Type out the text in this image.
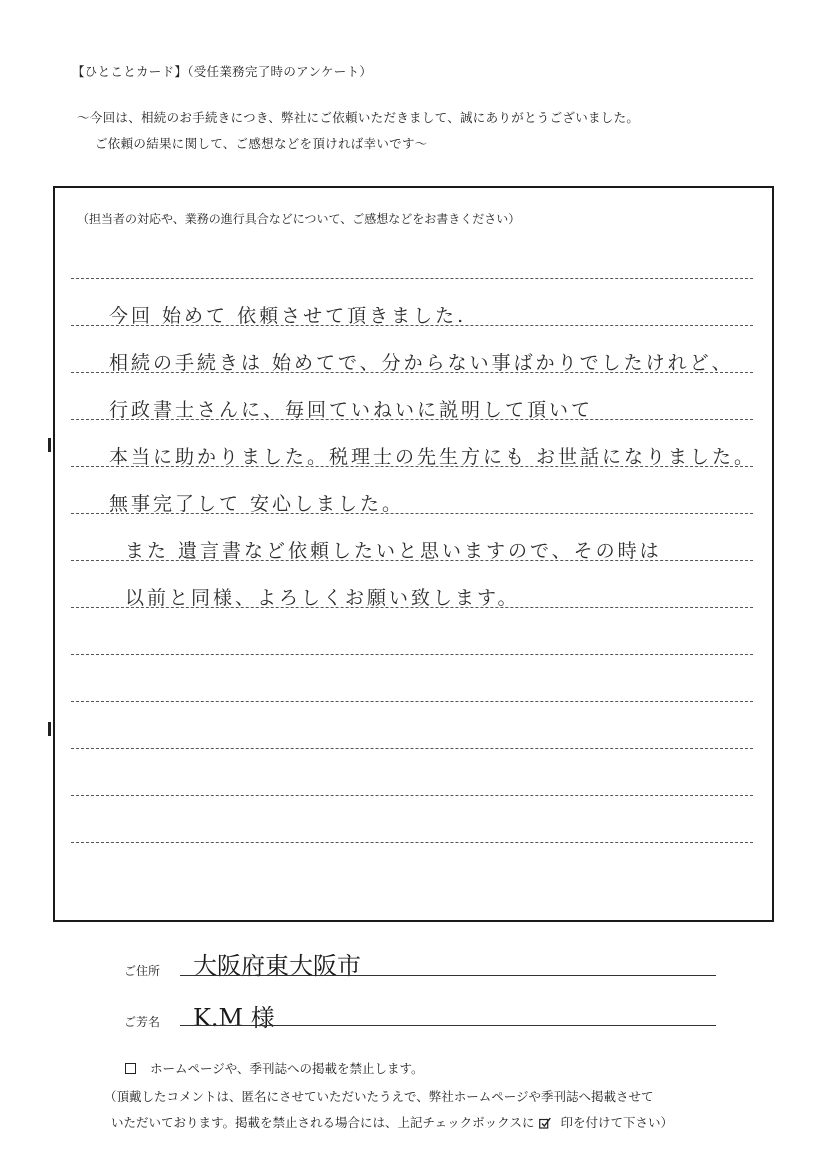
【ひとことカード】（受任業務完了時のアンケート）
～今回は、相続のお手続きにつき、弊社にご依頼いただきまして、誠にありがとうございました。
ご依頼の結果に関して、ご感想などを頂ければ幸いです～
（担当者の対応や、業務の進行具合などについて、ご感想などをお書きください）
今回 始めて 依頼させて頂きました.
相続の手続きは 始めてで、分からない事ばかりでしたけれど、
行政書士さんに、毎回ていねいに説明して頂いて
本当に助かりました。税理士の先生方にも お世話になりました。
無事完了して 安心しました。
また 遺言書など依頼したいと思いますので、その時は
以前と同様、よろしくお願い致します。
ご住所 大阪府東大阪市
ご芳名 K.M 様
ホームページや、季刊誌への掲載を禁止します。
（頂戴したコメントは、匿名にさせていただいたうえで、弊社ホームページや季刊誌へ掲載させて
いただいております。掲載を禁止される場合には、上記チェックボックスに 印を付けて下さい）
